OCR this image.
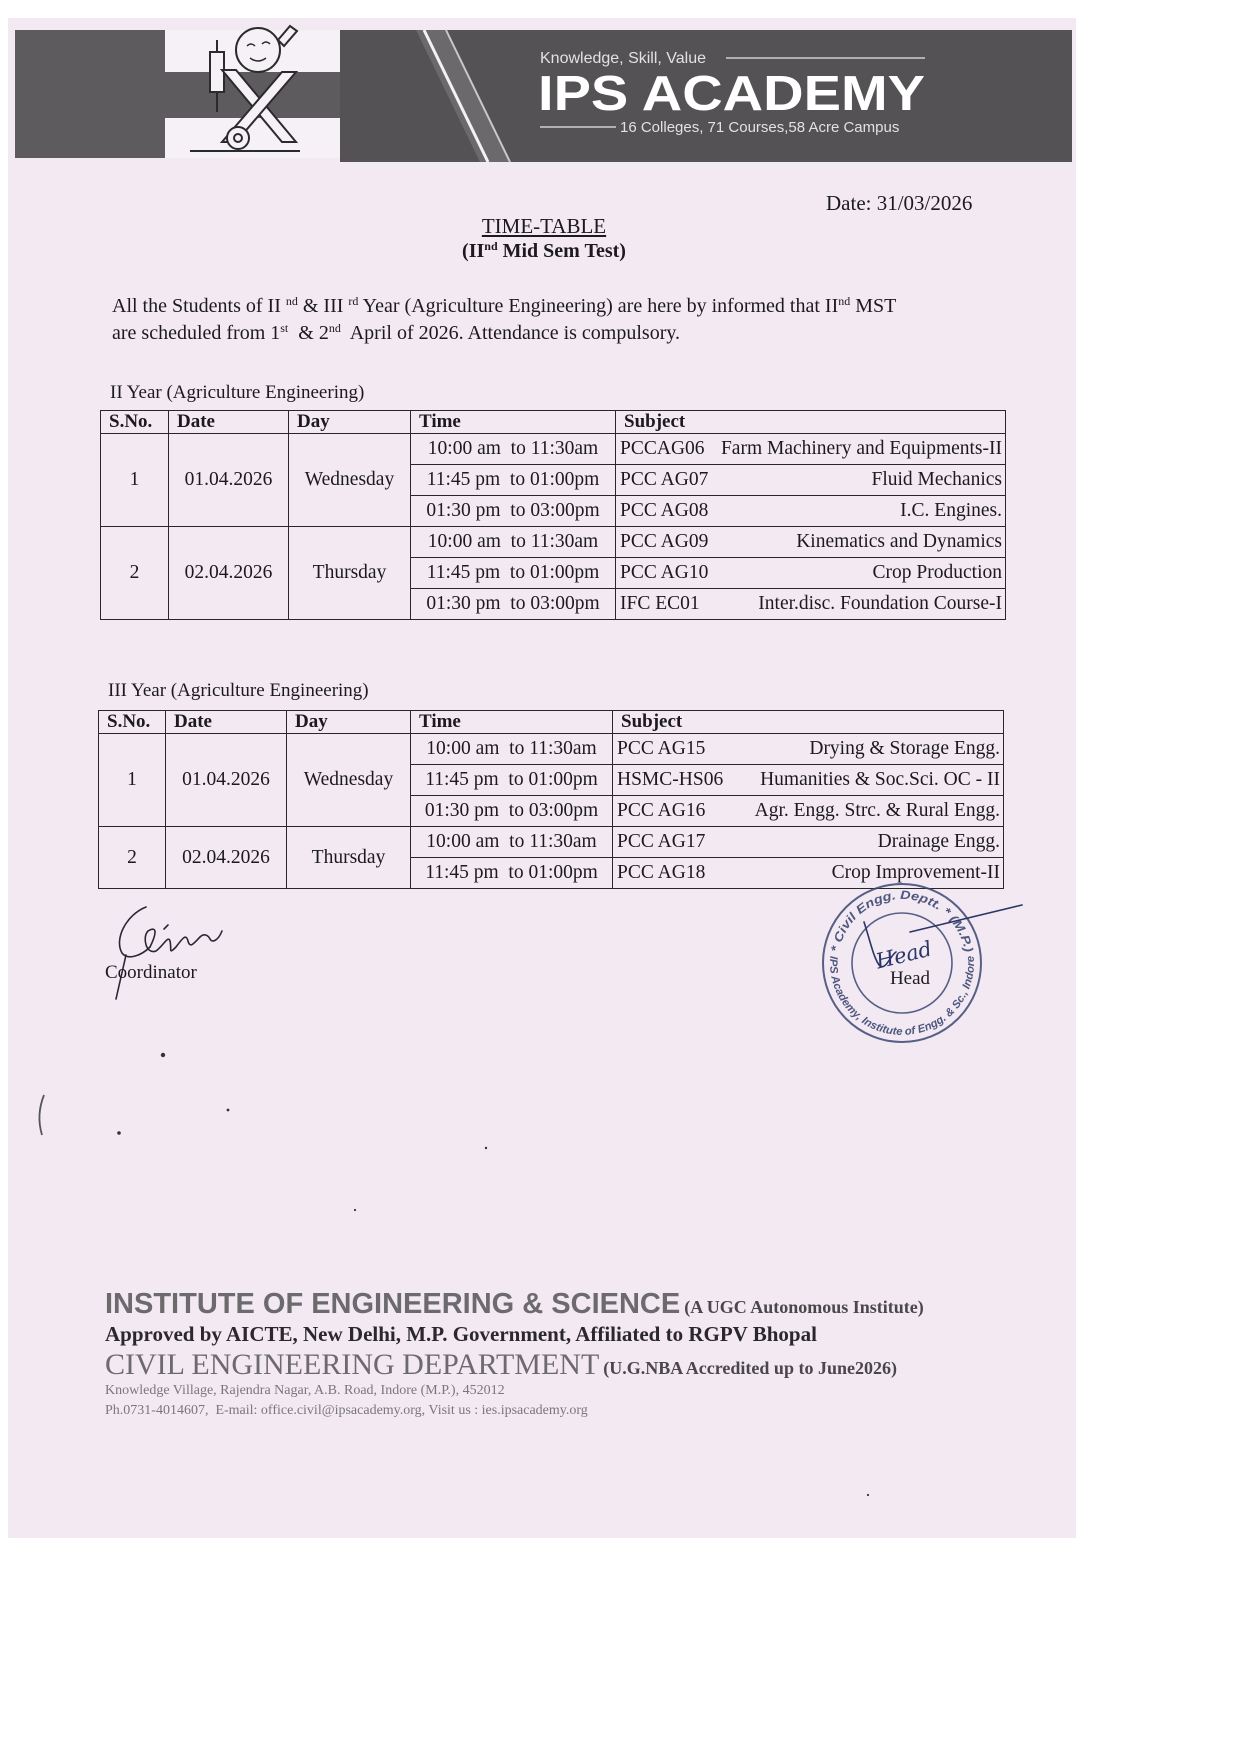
Knowledge, Skill, Value
IPS ACADEMY
16 Colleges, 71 Courses,58 Acre Campus
Date: 31/03/2026
TIME-TABLE
(IInd Mid Sem Test)
All the Students of II $^{nd}$ & III $^{rd}$ Year (Agriculture Engineering) are here by informed that IInd MST
are scheduled from 1st  & 2nd  April of 2026. Attendance is compulsory.
II Year (Agriculture Engineering)
S.No.	Date	Day	Time	Subject
1	01.04.2026	Wednesday	10:00 am  to 11:30am	PCCAG06 Farm Machinery and Equipments-II

			11:45 pm  to 01:00pm	PCC AG07 Fluid Mechanics

			01:30 pm  to 03:00pm	PCC AG08 I.C. Engines.

2	02.04.2026	Thursday	10:00 am  to 11:30am	PCC AG09 Kinematics and Dynamics

			11:45 pm  to 01:00pm	PCC AG10 Crop Production

			01:30 pm  to 03:00pm	IFC EC01 Inter.disc. Foundation Course-I
III Year (Agriculture Engineering)
S.No.	Date	Day	Time	Subject
1	01.04.2026	Wednesday	10:00 am  to 11:30am	PCC AG15 Drying & Storage Engg.

			11:45 pm  to 01:00pm	HSMC-HS06 Humanities & Soc.Sci. OC - II

			01:30 pm  to 03:00pm	PCC AG16 Agr. Engg. Strc. & Rural Engg.

2	02.04.2026	Thursday	10:00 am  to 11:30am	PCC AG17 Drainage Engg.

			11:45 pm  to 01:00pm	PCC AG18 Crop Improvement-II
Coordinator
* Civil Engg. Deptt. * (M.P.)
IPS Academy, Institute of Engg. & Sc., Indore
Head
Head
INSTITUTE OF ENGINEERING & SCIENCE (A UGC Autonomous Institute)
Approved by AICTE, New Delhi, M.P. Government, Affiliated to RGPV Bhopal
CIVIL ENGINEERING DEPARTMENT (U.G.NBA Accredited up to June2026)
Knowledge Village, Rajendra Nagar, A.B. Road, Indore (M.P.), 452012
Ph.0731-4014607,  E-mail: office.civil@ipsacademy.org, Visit us : ies.ipsacademy.org
